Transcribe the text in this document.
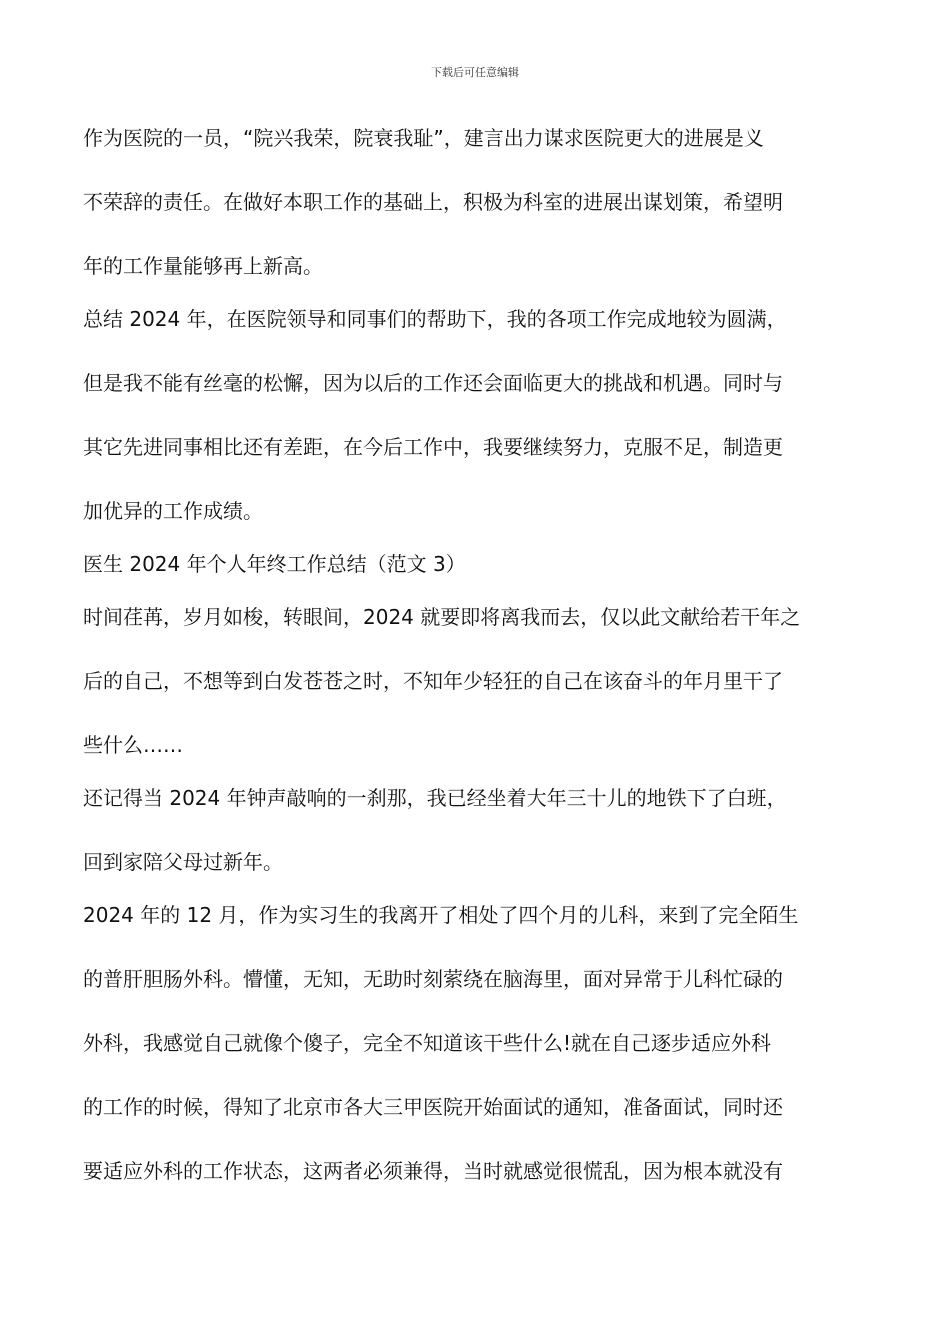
下载后可任意编辑
作为医院的一员，“院兴我荣，院衰我耻”，建言出力谋求医院更大的进展是义
不荣辞的责任。在做好本职工作的基础上，积极为科室的进展出谋划策，希望明
年的工作量能够再上新高。
总结 2024 年，在医院领导和同事们的帮助下，我的各项工作完成地较为圆满，
但是我不能有丝毫的松懈，因为以后的工作还会面临更大的挑战和机遇。同时与
其它先进同事相比还有差距，在今后工作中，我要继续努力，克服不足，制造更
加优异的工作成绩。
医生 2024 年个人年终工作总结（范文 3）
时间荏苒，岁月如梭，转眼间，2024 就要即将离我而去，仅以此文献给若干年之
后的自己，不想等到白发苍苍之时，不知年少轻狂的自己在该奋斗的年月里干了
些什么……
还记得当 2024 年钟声敲响的一刹那，我已经坐着大年三十儿的地铁下了白班，
回到家陪父母过新年。
2024 年的 12 月，作为实习生的我离开了相处了四个月的儿科，来到了完全陌生
的普肝胆肠外科。懵懂，无知，无助时刻萦绕在脑海里，面对异常于儿科忙碌的
外科，我感觉自己就像个傻子，完全不知道该干些什么!就在自己逐步适应外科
的工作的时候，得知了北京市各大三甲医院开始面试的通知，准备面试，同时还
要适应外科的工作状态，这两者必须兼得，当时就感觉很慌乱，因为根本就没有
